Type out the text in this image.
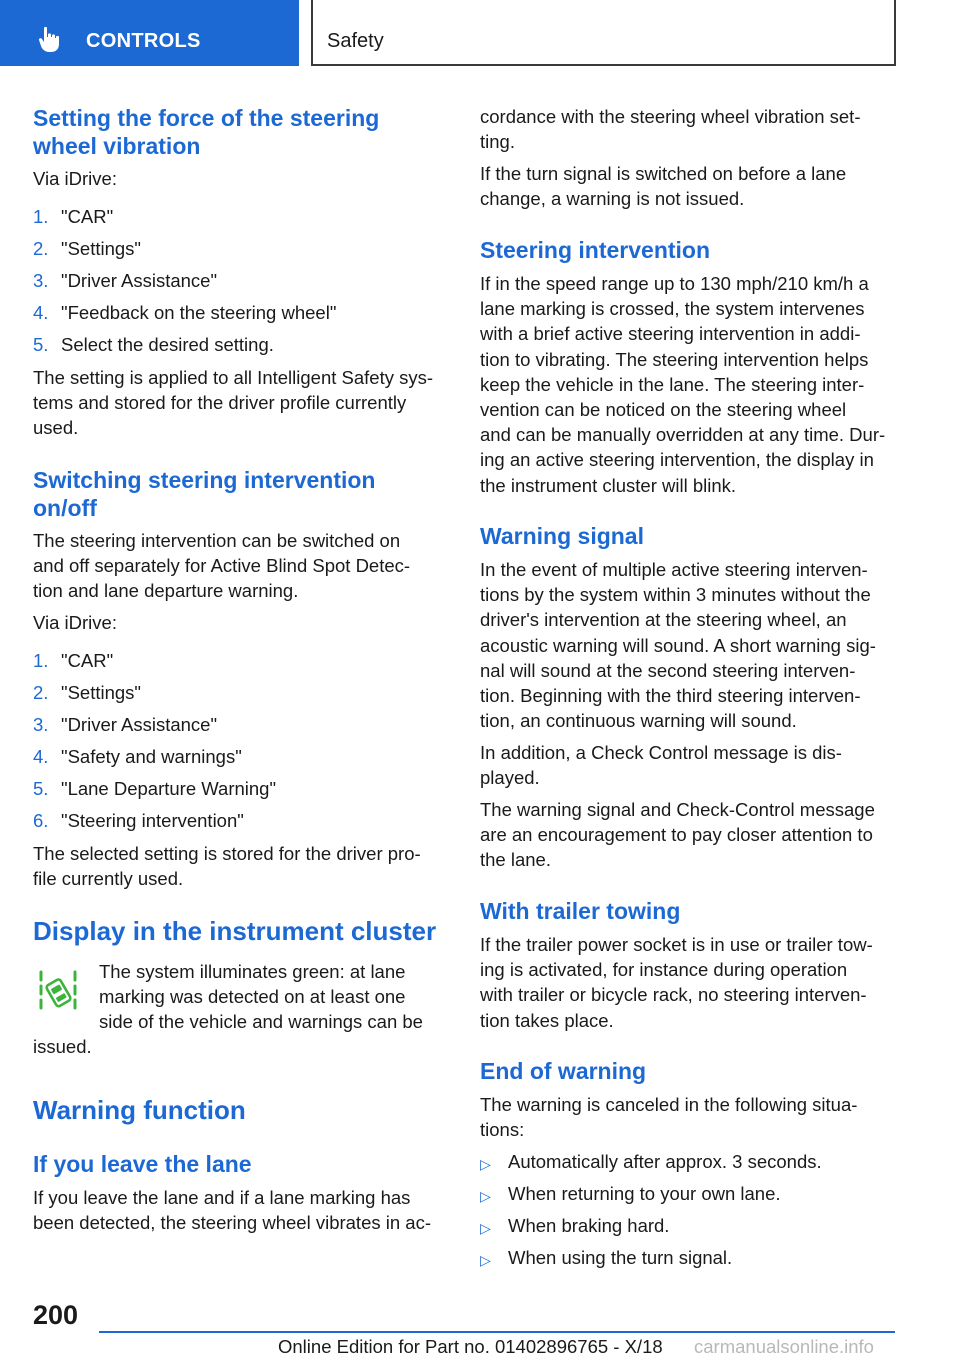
CONTROLS	Safety
Setting the force of the steering
wheel vibration
Via iDrive:
1. "CAR"
2. "Settings"
3. "Driver Assistance"
4. "Feedback on the steering wheel"
5. Select the desired setting.
The setting is applied to all Intelligent Safety sys-
tems and stored for the driver profile currently
used.
Switching steering intervention
on/off
The steering intervention can be switched on
and off separately for Active Blind Spot Detec-
tion and lane departure warning.
Via iDrive:
1. "CAR"
2. "Settings"
3. "Driver Assistance"
4. "Safety and warnings"
5. "Lane Departure Warning"
6. "Steering intervention"
The selected setting is stored for the driver pro-
file currently used.
Display in the instrument cluster
The system illuminates green: at lane
marking was detected on at least one
side of the vehicle and warnings can be
issued.
Warning function
If you leave the lane
If you leave the lane and if a lane marking has
been detected, the steering wheel vibrates in ac-
cordance with the steering wheel vibration set-
ting.
If the turn signal is switched on before a lane
change, a warning is not issued.
Steering intervention
If in the speed range up to 130 mph/210 km/h a
lane marking is crossed, the system intervenes
with a brief active steering intervention in addi-
tion to vibrating. The steering intervention helps
keep the vehicle in the lane. The steering inter-
vention can be noticed on the steering wheel
and can be manually overridden at any time. Dur-
ing an active steering intervention, the display in
the instrument cluster will blink.
Warning signal
In the event of multiple active steering interven-
tions by the system within 3 minutes without the
driver's intervention at the steering wheel, an
acoustic warning will sound. A short warning sig-
nal will sound at the second steering interven-
tion. Beginning with the third steering interven-
tion, an continuous warning will sound.
In addition, a Check Control message is dis-
played.
The warning signal and Check-Control message
are an encouragement to pay closer attention to
the lane.
With trailer towing
If the trailer power socket is in use or trailer tow-
ing is activated, for instance during operation
with trailer or bicycle rack, no steering interven-
tion takes place.
End of warning
The warning is canceled in the following situa-
tions:
▷ Automatically after approx. 3 seconds.
▷ When returning to your own lane.
▷ When braking hard.
▷ When using the turn signal.
200
Online Edition for Part no. 01402896765 - X/18 carmanualsonline.info
